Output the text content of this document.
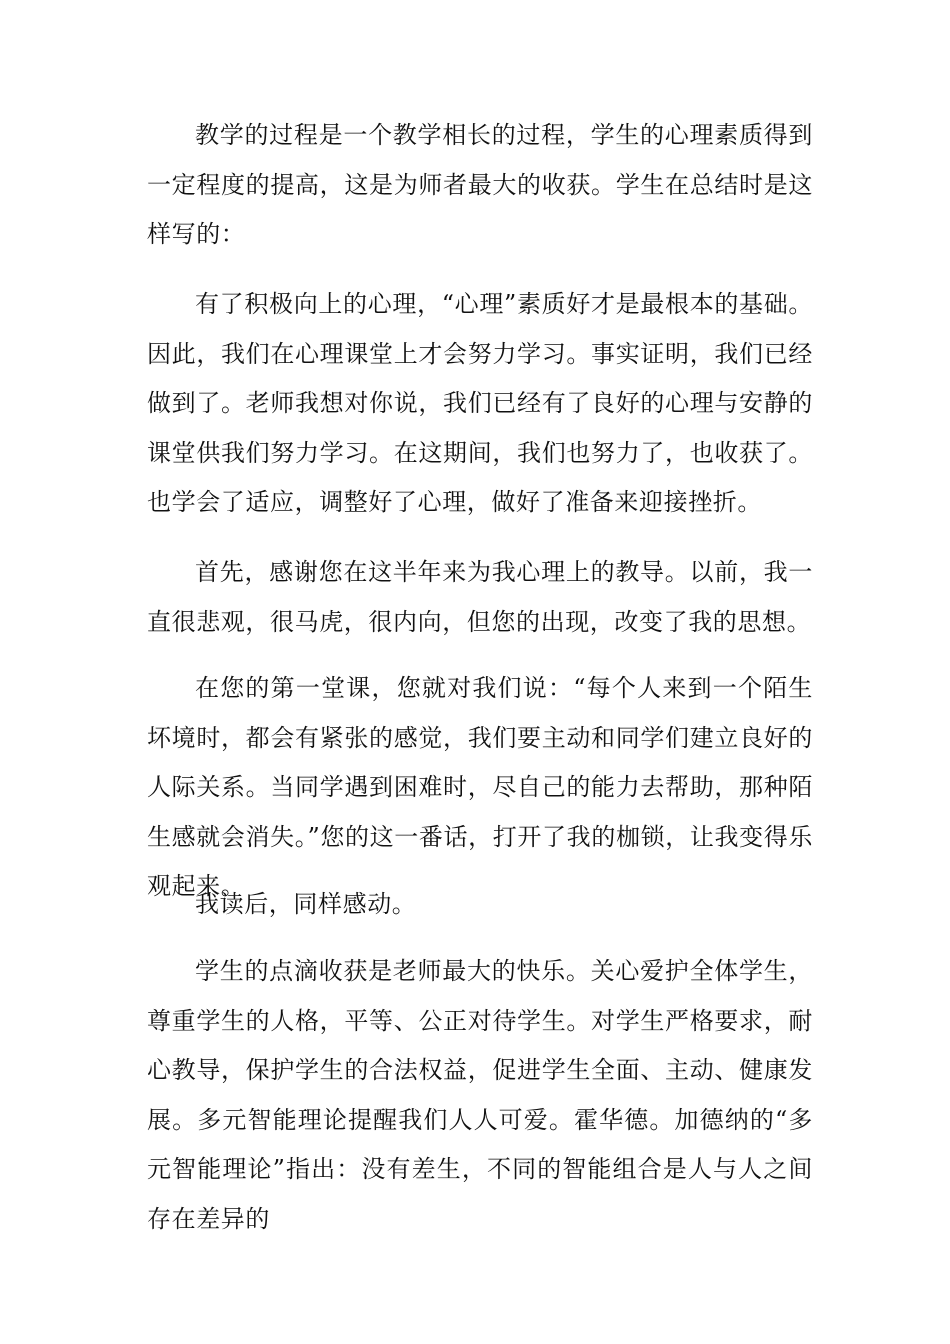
教学的过程是一个教学相长的过程，学生的心理素质得到一定程度的提高，这是为师者最大的收获。学生在总结时是这样写的：

有了积极向上的心理，“心理”素质好才是最根本的基础。因此，我们在心理课堂上才会努力学习。事实证明，我们已经做到了。老师我想对你说，我们已经有了良好的心理与安静的课堂供我们努力学习。在这期间，我们也努力了，也收获了。也学会了适应，调整好了心理，做好了准备来迎接挫折。

首先，感谢您在这半年来为我心理上的教导。以前，我一直很悲观，很马虎，很内向，但您的出现，改变了我的思想。

在您的第一堂课，您就对我们说：“每个人来到一个陌生坏境时，都会有紧张的感觉，我们要主动和同学们建立良好的人际关系。当同学遇到困难时，尽自己的能力去帮助，那种陌生感就会消失。”您的这一番话，打开了我的枷锁，让我变得乐观起来。

我读后，同样感动。

学生的点滴收获是老师最大的快乐。关心爱护全体学生，尊重学生的人格，平等、公正对待学生。对学生严格要求，耐心教导，保护学生的合法权益，促进学生全面、主动、健康发展。多元智能理论提醒我们人人可爱。霍华德。加德纳的“多元智能理论”指出：没有差生，不同的智能组合是人与人之间存在差异的
